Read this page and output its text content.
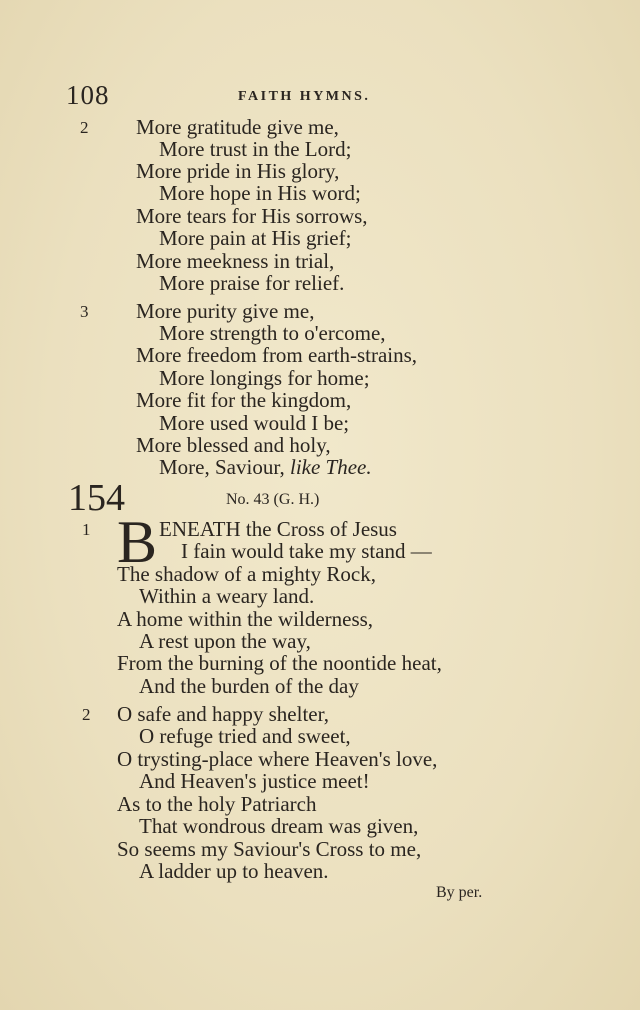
108	FAITH HYMNS.
2 More gratitude give me,
More trust in the Lord;
More pride in His glory,
More hope in His word;
More tears for His sorrows,
More pain at His grief;
More meekness in trial,
More praise for relief.
3 More purity give me,
More strength to o'ercome,
More freedom from earth-strains,
More longings for home;
More fit for the kingdom,
More used would I be;
More blessed and holy,
More, Saviour, like Thee.
154	No. 43 (G. H.)
1 B ENEATH the Cross of Jesus
I fain would take my stand —
The shadow of a mighty Rock,
Within a weary land.
A home within the wilderness,
A rest upon the way,
From the burning of the noontide heat,
And the burden of the day
2 O safe and happy shelter,
O refuge tried and sweet,
O trysting-place where Heaven's love,
And Heaven's justice meet!
As to the holy Patriarch
That wondrous dream was given,
So seems my Saviour's Cross to me,
A ladder up to heaven.
By per.
